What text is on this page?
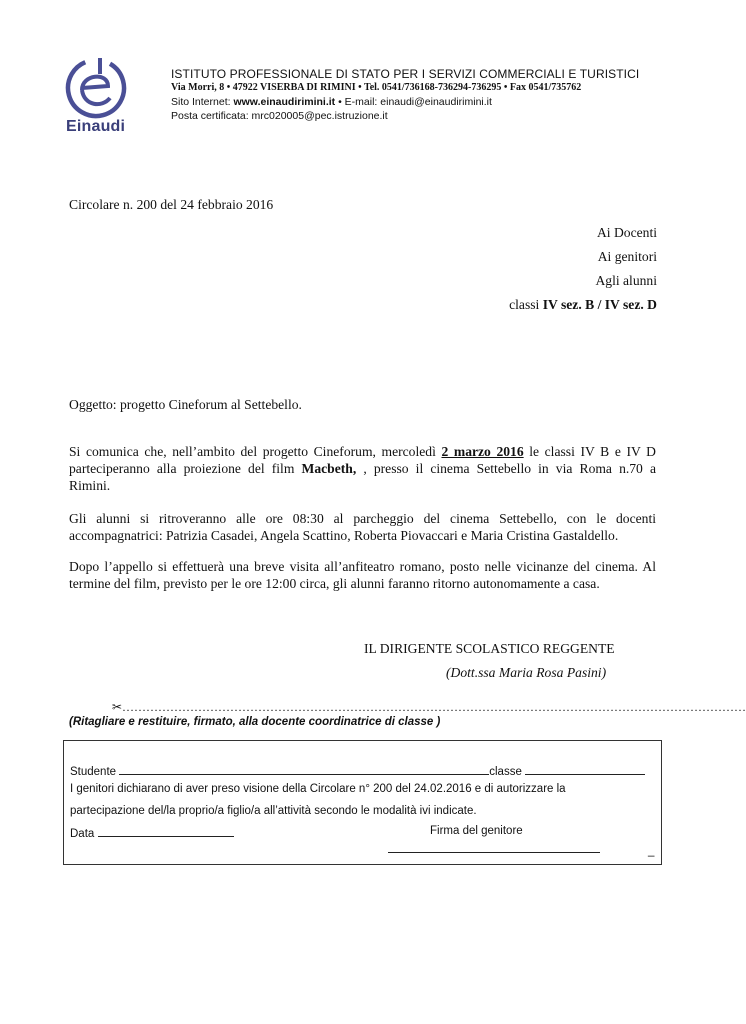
Einaudi
ISTITUTO PROFESSIONALE DI STATO PER I SERVIZI COMMERCIALI E TURISTICI
Via Morri, 8 • 47922 VISERBA DI RIMINI • Tel. 0541/736168-736294-736295 • Fax 0541/735762
Sito Internet: www.einaudirimini.it • E-mail: einaudi@einaudirimini.it
Posta certificata: mrc020005@pec.istruzione.it
Circolare n. 200 del 24 febbraio 2016
Ai Docenti
Ai genitori
Agli alunni
classi IV sez. B / IV sez. D
Oggetto: progetto Cineforum al Settebello.
Si comunica che, nell’ambito del progetto Cineforum, mercoledì 2 marzo 2016 le classi IV B e IV D
parteciperanno alla proiezione del film Macbeth, , presso il cinema Settebello in via Roma n.70 a
Rimini.
Gli alunni si ritroveranno alle ore 08:30 al parcheggio del cinema Settebello, con le docenti
accompagnatrici: Patrizia Casadei, Angela Scattino, Roberta Piovaccari e Maria Cristina Gastaldello.
Dopo l’appello si effettuerà una breve visita all’anfiteatro romano, posto nelle vicinanze del cinema. Al
termine del film, previsto per le ore 12:00 circa, gli alunni faranno ritorno autonomamente a casa.
IL DIRIGENTE SCOLASTICO REGGENTE
(Dott.ssa Maria Rosa Pasini)
✂…………………………………………………………………………………………………………………………………………
(Ritagliare e restituire, firmato, alla docente coordinatrice di classe )
Studente	classe
I genitori dichiarano di aver preso visione della Circolare n° 200 del 24.02.2016 e di autorizzare la
partecipazione del/la proprio/a figlio/a all’attività secondo le modalità ivi indicate.
Data	Firma del genitore
_
